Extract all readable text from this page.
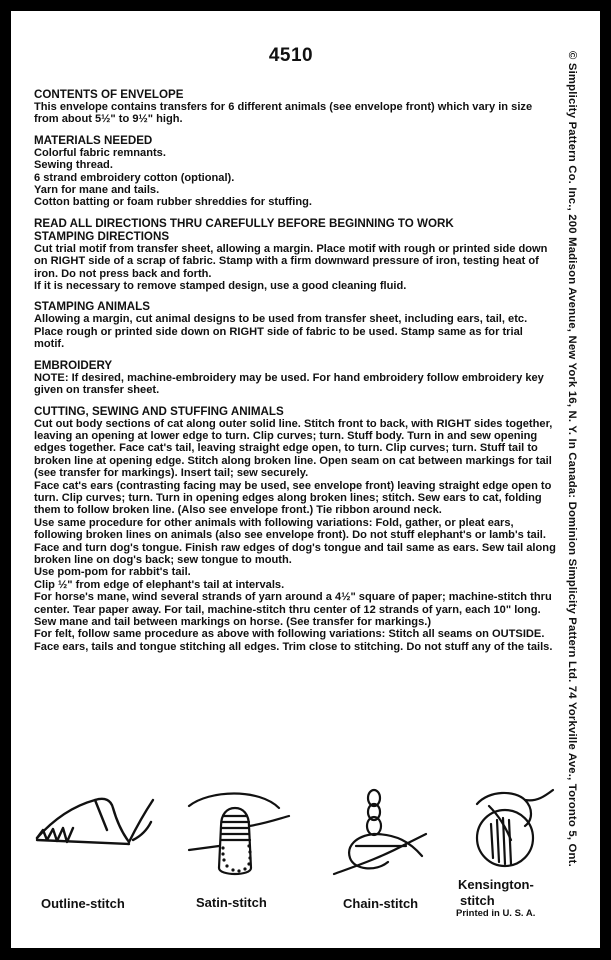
4510	© Simplicity Pattern Co. Inc., 200 Madison Avenue, New York 16, N. Y. In Canada: Dominion Simplicity Pattern Ltd. 74 Yorkville Ave., Toronto 5, Ont.
CONTENTS OF ENVELOPE

This envelope contains transfers for 6 different animals (see envelope front) which vary in size from about 5½" to 9½" high.

MATERIALS NEEDED

Colorful fabric remnants.

Sewing thread.

6 strand embroidery cotton (optional).

Yarn for mane and tails.

Cotton batting or foam rubber shreddies for stuffing.

READ ALL DIRECTIONS THRU CAREFULLY BEFORE BEGINNING TO WORK

STAMPING DIRECTIONS

Cut trial motif from transfer sheet, allowing a margin. Place motif with rough or printed side down on RIGHT side of a scrap of fabric. Stamp with a firm downward pressure of iron, testing heat of iron. Do not press back and forth.

If it is necessary to remove stamped design, use a good cleaning fluid.

STAMPING ANIMALS

Allowing a margin, cut animal designs to be used from transfer sheet, including ears, tail, etc. Place rough or printed side down on RIGHT side of fabric to be used. Stamp same as for trial motif.

EMBROIDERY

NOTE: If desired, machine-embroidery may be used. For hand embroidery follow embroidery key given on transfer sheet.

CUTTING, SEWING AND STUFFING ANIMALS

Cut out body sections of cat along outer solid line. Stitch front to back, with RIGHT sides together, leaving an opening at lower edge to turn. Clip curves; turn. Stuff body. Turn in and sew opening edges together. Face cat's tail, leaving straight edge open, to turn. Clip curves; turn. Stuff tail to broken line at opening edge. Stitch along broken line. Open seam on cat between markings for tail (see transfer for markings). Insert tail; sew securely.

Face cat's ears (contrasting facing may be used, see envelope front) leaving straight edge open to turn. Clip curves; turn. Turn in opening edges along broken lines; stitch. Sew ears to cat, folding them to follow broken line. (Also see envelope front.) Tie ribbon around neck.

Use same procedure for other animals with following variations: Fold, gather, or pleat ears, following broken lines on animals (also see envelope front). Do not stuff elephant's or lamb's tail. Face and turn dog's tongue. Finish raw edges of dog's tongue and tail same as ears. Sew tail along broken line on dog's back; sew tongue to mouth.

Use pom-pom for rabbit's tail.

Clip ½" from edge of elephant's tail at intervals.

For horse's mane, wind several strands of yarn around a 4½" square of paper; machine-stitch thru center. Tear paper away. For tail, machine-stitch thru center of 12 strands of yarn, each 10" long. Sew mane and tail between markings on horse. (See transfer for markings.)

For felt, follow same procedure as above with following variations: Stitch all seams on OUTSIDE. Face ears, tails and tongue stitching all edges. Trim close to stitching. Do not stuff any of the tails.

Outline-stitch	Satin-stitch	Chain-stitch
Kensington-
stitch
Printed in U. S. A.
